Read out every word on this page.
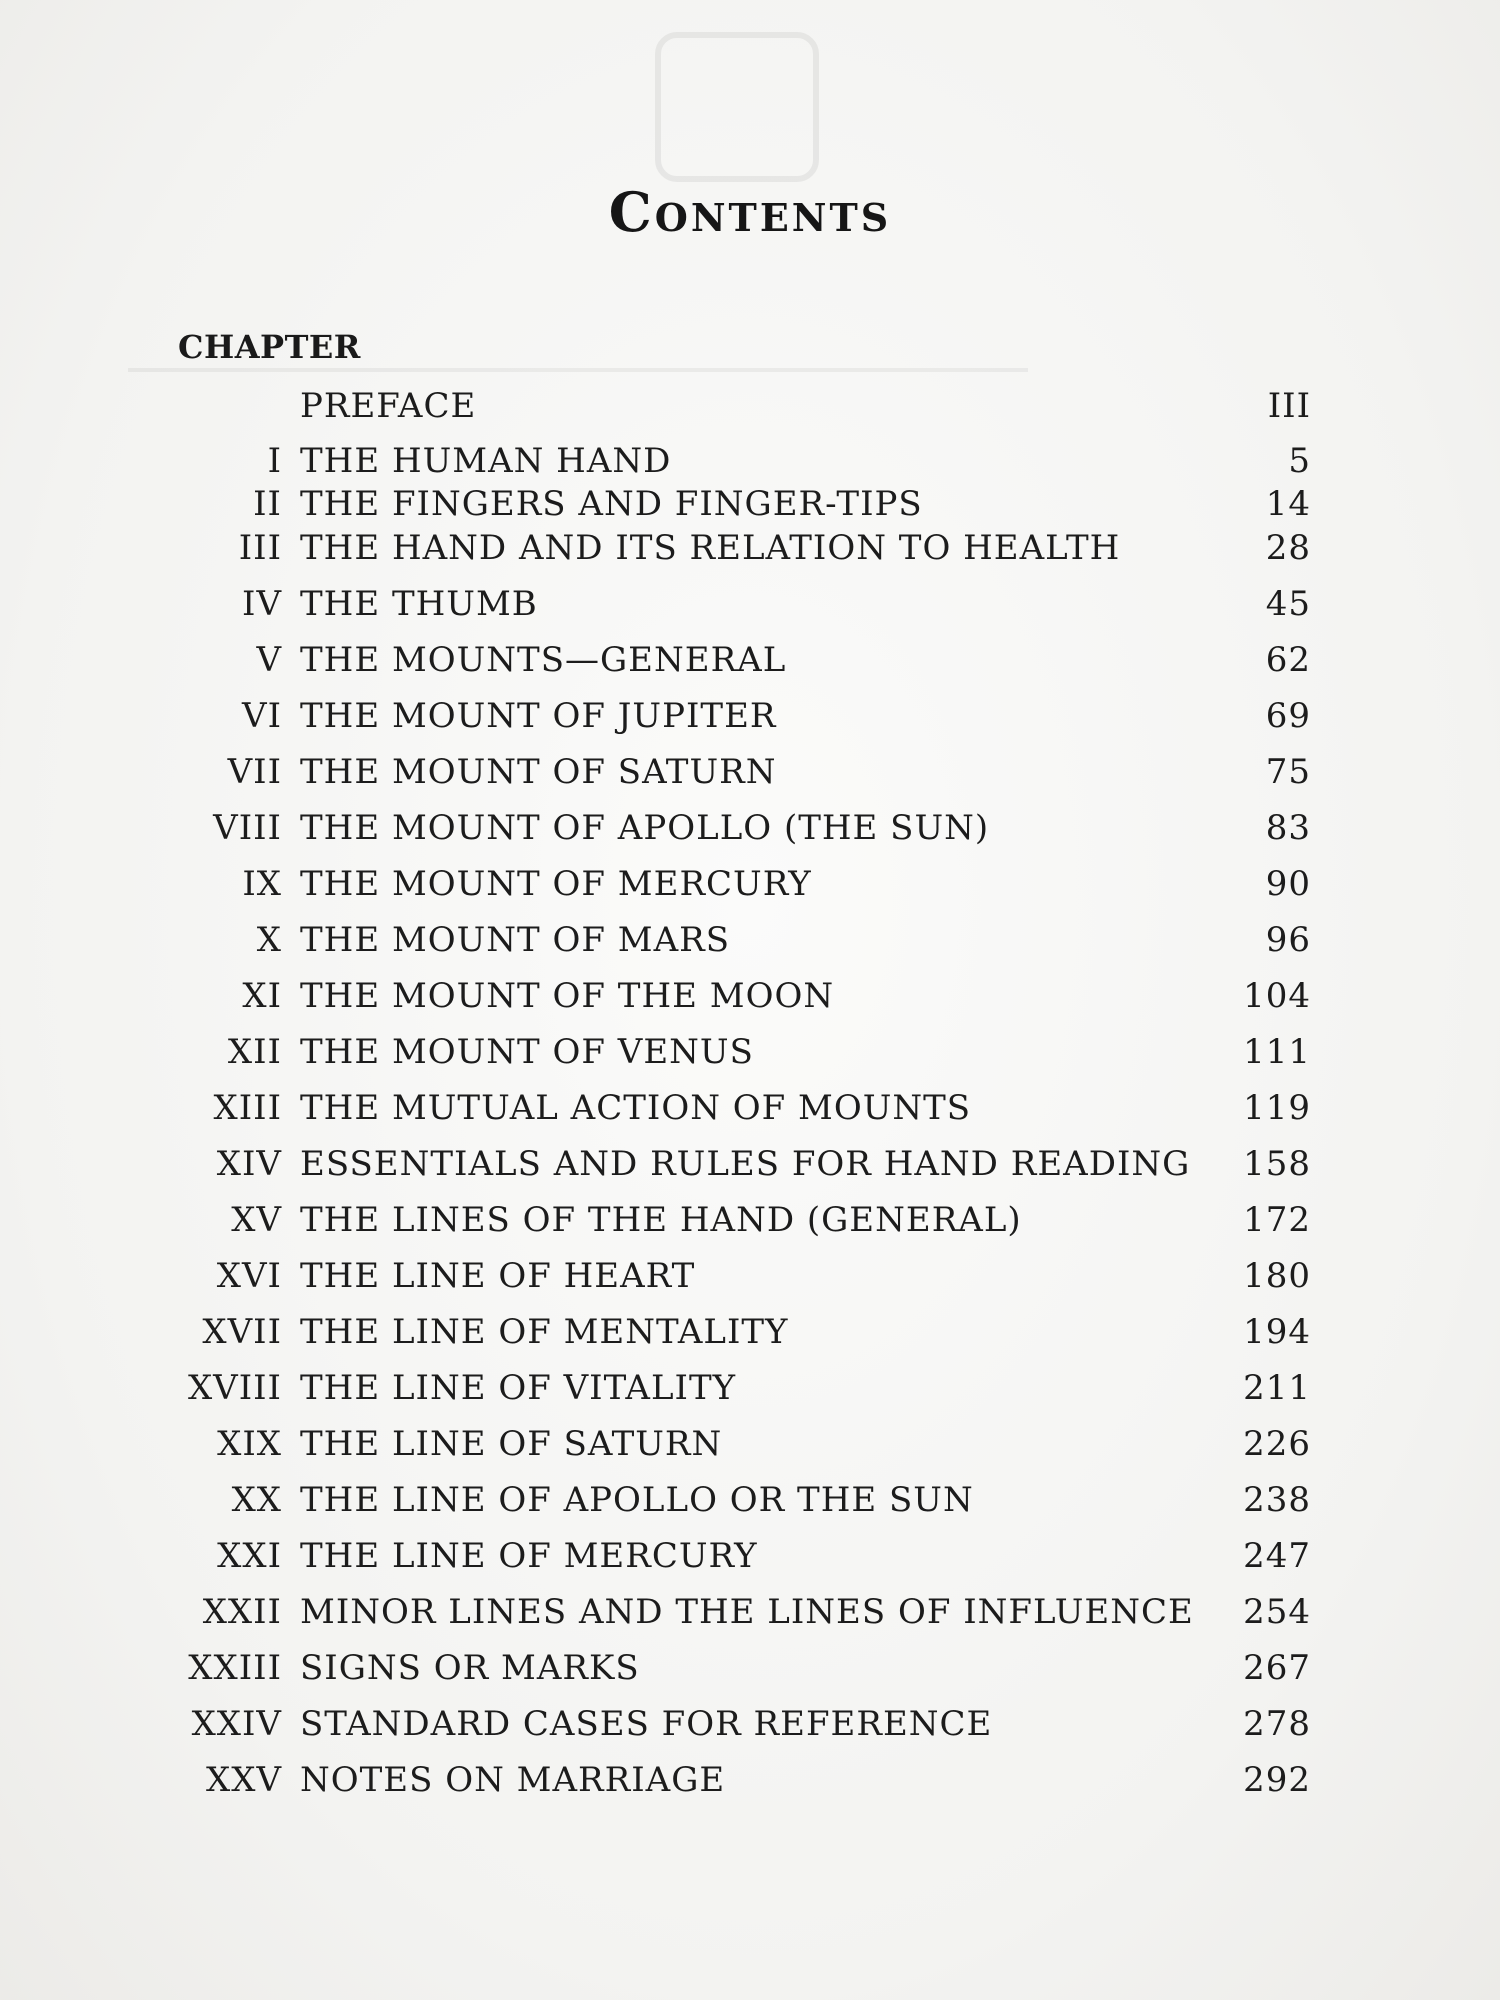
Contents
CHAPTER
PREFACE	III
I THE HUMAN HAND	5
II THE FINGERS AND FINGER-TIPS	14
III THE HAND AND ITS RELATION TO HEALTH	28
IV THE THUMB	45
V THE MOUNTS—GENERAL	62
VI THE MOUNT OF JUPITER	69
VII THE MOUNT OF SATURN	75
VIII THE MOUNT OF APOLLO (THE SUN)	83
IX THE MOUNT OF MERCURY	90
X THE MOUNT OF MARS	96
XI THE MOUNT OF THE MOON	104
XII THE MOUNT OF VENUS	111
XIII THE MUTUAL ACTION OF MOUNTS	119
XIV ESSENTIALS AND RULES FOR HAND READING 158
XV THE LINES OF THE HAND (GENERAL)	172
XVI THE LINE OF HEART	180
XVII THE LINE OF MENTALITY	194
XVIII THE LINE OF VITALITY	211
XIX THE LINE OF SATURN	226
XX THE LINE OF APOLLO OR THE SUN	238
XXI THE LINE OF MERCURY	247
XXII MINOR LINES AND THE LINES OF INFLUENCE 254
XXIII SIGNS OR MARKS	267
XXIV STANDARD CASES FOR REFERENCE	278
XXV NOTES ON MARRIAGE	292
